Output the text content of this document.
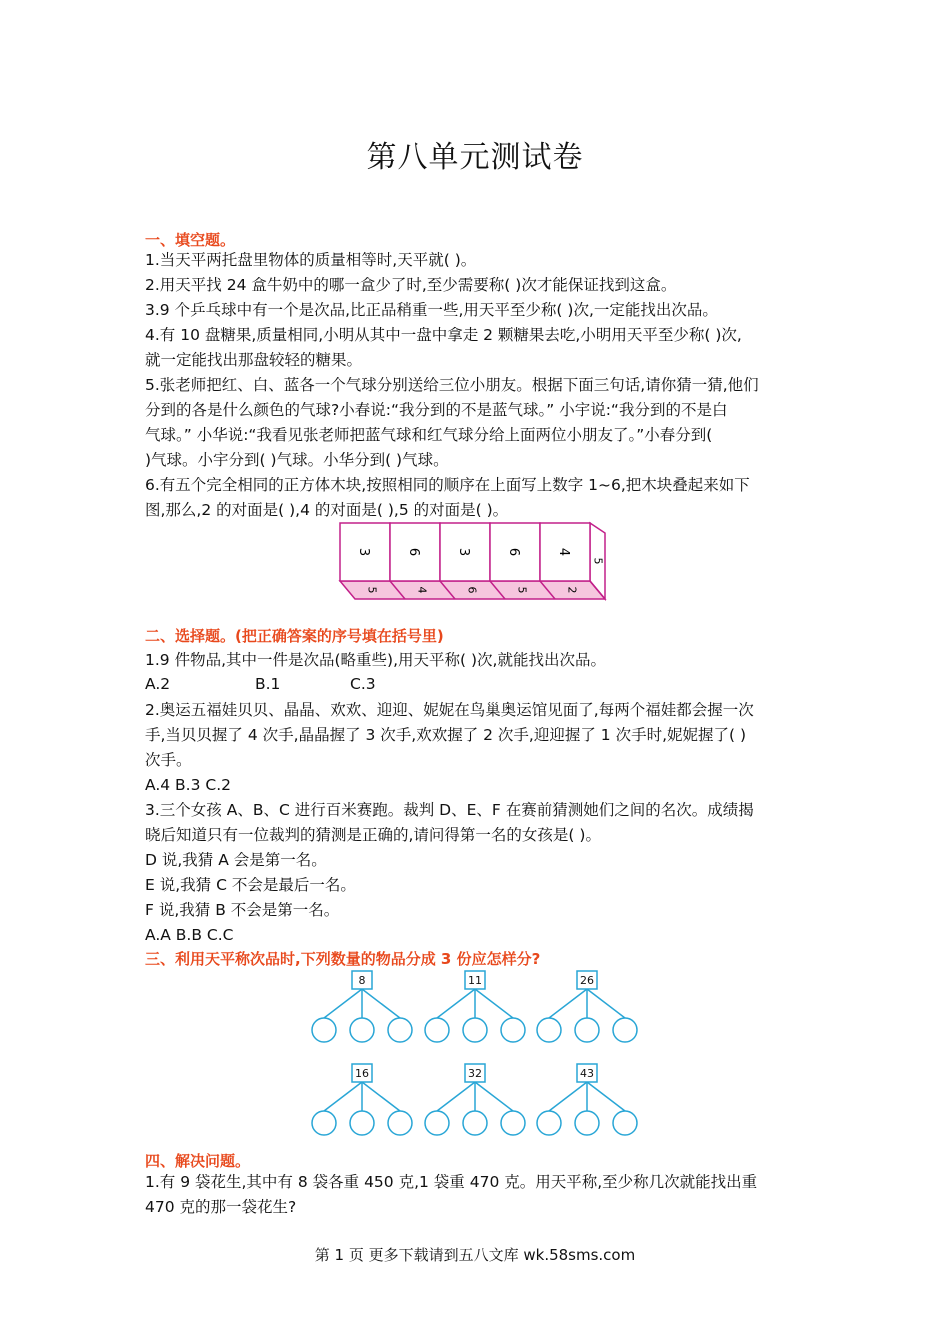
第八单元测试卷
一、填空题。
1.当天平两托盘里物体的质量相等时,天平就( )。
2.用天平找 24 盒牛奶中的哪一盒少了时,至少需要称( )次才能保证找到这盒。
3.9 个乒乓球中有一个是次品,比正品稍重一些,用天平至少称( )次,一定能找出次品。
4.有 10 盘糖果,质量相同,小明从其中一盘中拿走 2 颗糖果去吃,小明用天平至少称( )次,
就一定能找出那盘较轻的糖果。
5.张老师把红、白、蓝各一个气球分别送给三位小朋友。根据下面三句话,请你猜一猜,他们
分到的各是什么颜色的气球?小春说:“我分到的不是蓝气球。” 小宇说:“我分到的不是白
气球。” 小华说:“我看见张老师把蓝气球和红气球分给上面两位小朋友了。”小春分到(
)气球。小宇分到( )气球。小华分到( )气球。
6.有五个完全相同的正方体木块,按照相同的顺序在上面写上数字 1~6,把木块叠起来如下
图,那么,2 的对面是( ),4 的对面是( ),5 的对面是( )。
3
5
6
4
3
6
6
5
4
2
5
二、选择题。(把正确答案的序号填在括号里)
1.9 件物品,其中一件是次品(略重些),用天平称( )次,就能找出次品。
A.2	B.1	C.3
2.奥运五福娃贝贝、晶晶、欢欢、迎迎、妮妮在鸟巢奥运馆见面了,每两个福娃都会握一次
手,当贝贝握了 4 次手,晶晶握了 3 次手,欢欢握了 2 次手,迎迎握了 1 次手时,妮妮握了( )
次手。
A.4 B.3 C.2
3.三个女孩 A、B、C 进行百米赛跑。裁判 D、E、F 在赛前猜测她们之间的名次。成绩揭
晓后知道只有一位裁判的猜测是正确的,请问得第一名的女孩是( )。
D 说,我猜 A 会是第一名。
E 说,我猜 C 不会是最后一名。
F 说,我猜 B 不会是第一名。
A.A B.B C.C
三、利用天平称次品时,下列数量的物品分成 3 份应怎样分?
8	11	26
16	32	43
四、解决问题。
1.有 9 袋花生,其中有 8 袋各重 450 克,1 袋重 470 克。用天平称,至少称几次就能找出重
470 克的那一袋花生?
第 1 页 更多下载请到五八文库 wk.58sms.com
